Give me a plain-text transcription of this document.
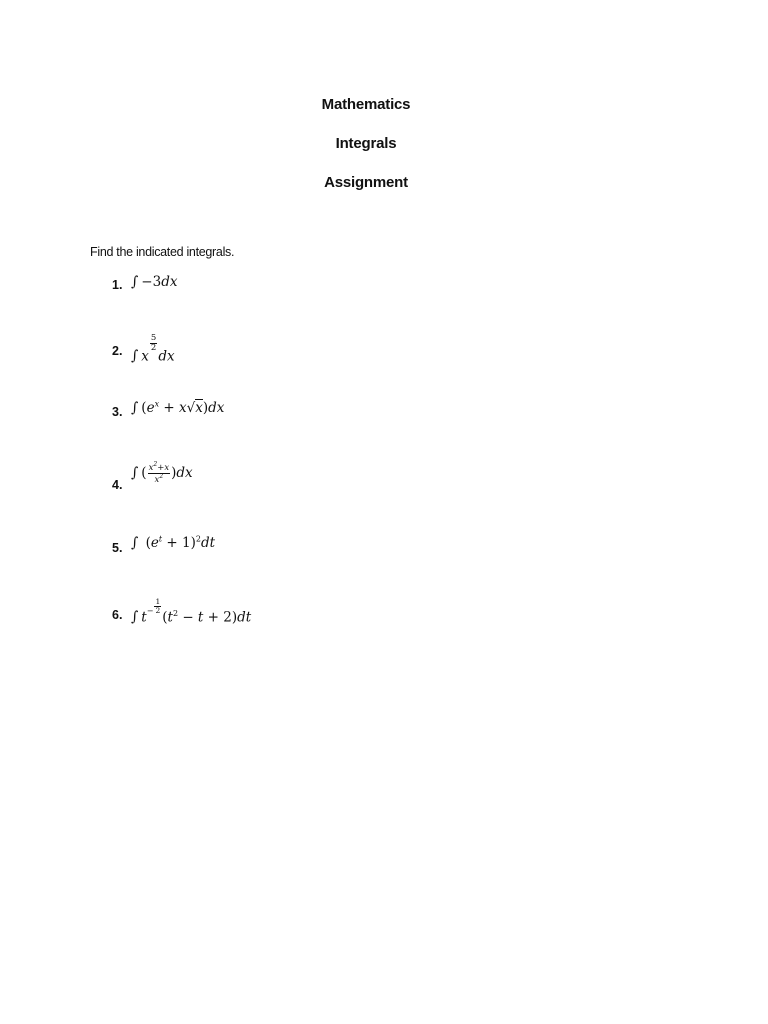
Mathematics
Integrals
Assignment
Find the indicated integrals.
1. ∫ −3dx
2. ∫ x
$\frac{5}{2}$
dx
3. ∫ $(e^x + x√x)dx$
4.
∫ ( $\frac{x^2+x}{x^2} )dx$
5. ∫ $(e^t + 1)^2dt$
6. ∫ $t^- \frac{1}{2}$
$(t^2 - t + 2)dt$
